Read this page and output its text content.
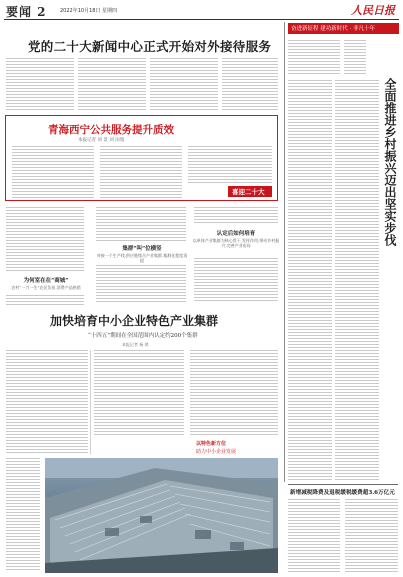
要闻 2	2022年10月18日 星期四	人民日报
党的二十大新闻中心正式开始对外接待服务
奋进新征程 建功新时代 · 非凡十年
全面推进乡村振兴迈出坚实步伐
青海西宁公共服务提升质效
本报记者 刘 景 刘 雨瑞
喜迎二十大
认定后如何培育
以单体产业集群为核心骨干,发挥作用,带动乡村振兴,完善产业布局
集群“叫”位横竖
对接一个生产线,供应链缘合产业集群,集群化程度再提
为何室在在“商城”
农村“一刀一生”农民负担,消费产品热销
加快培育中小企业特色产业集群
“十四五”期间在全国范围内认定约200个集群
本报记者 杨 鸿
以特色新方位
助力中小企业发展
新增减税降费及退税缓税缓费超3.6万亿元
